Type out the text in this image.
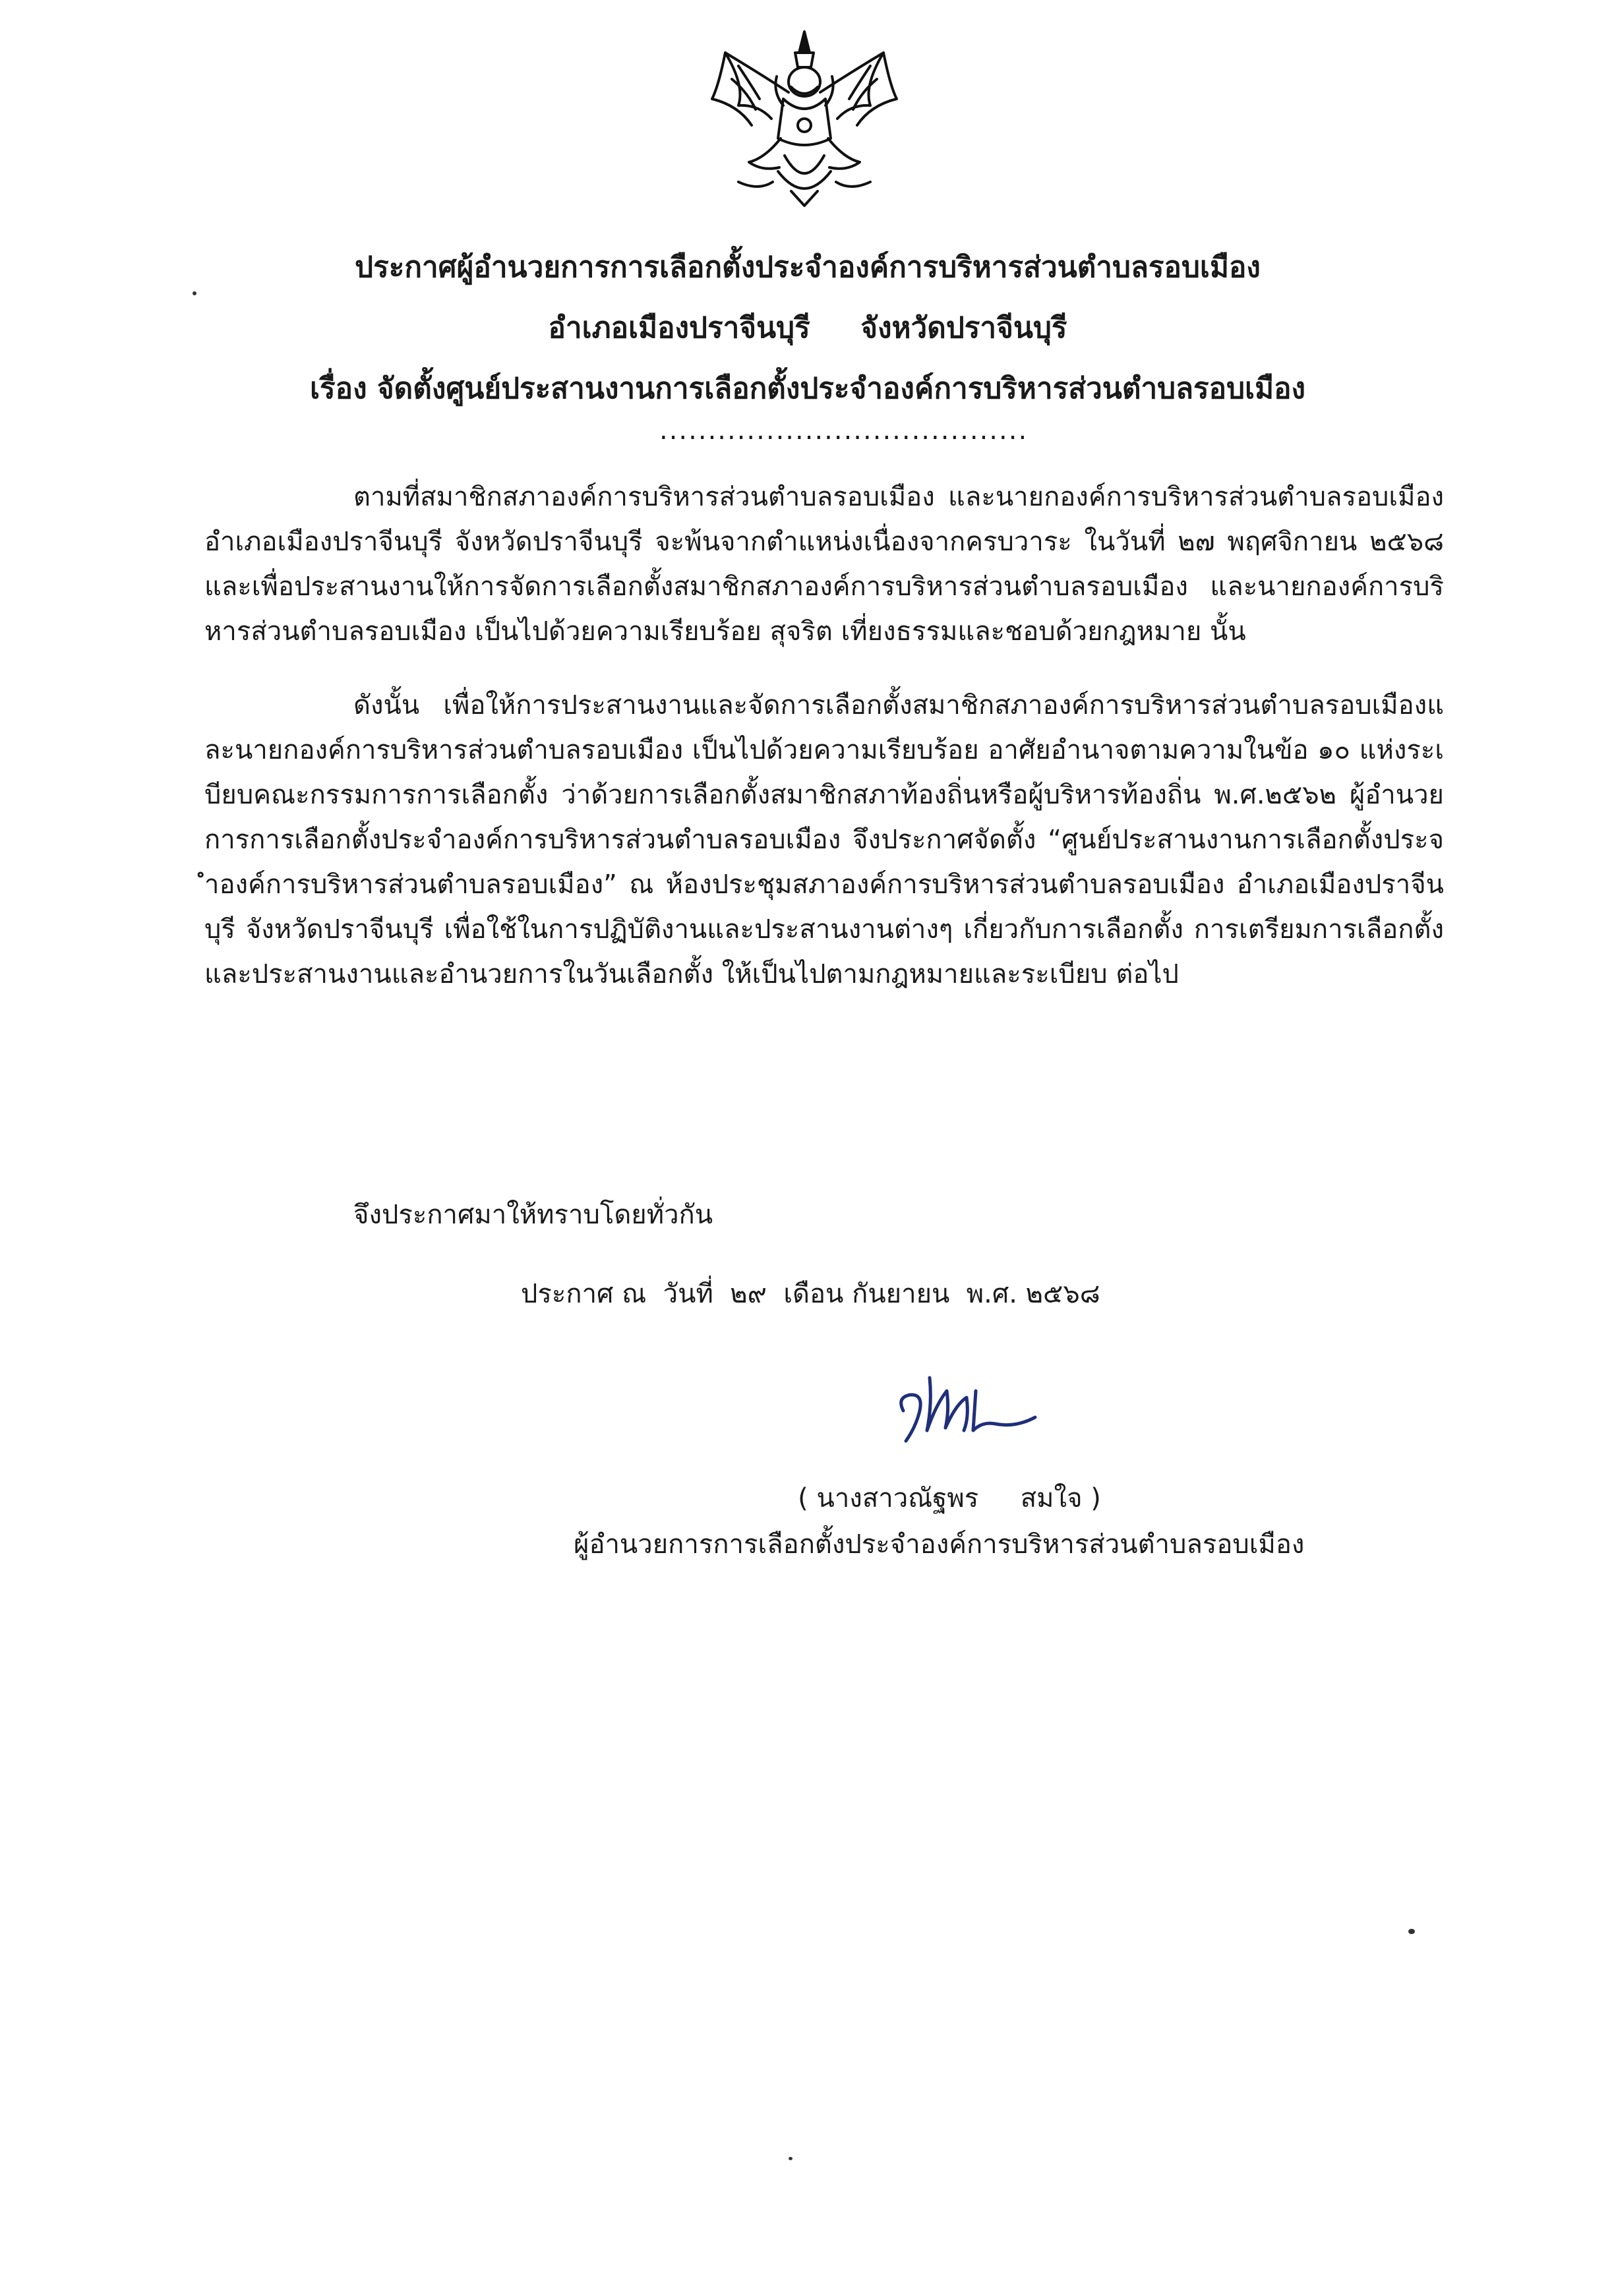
ประกาศผู้อำนวยการการเลือกตั้งประจำองค์การบริหารส่วนตำบลรอบเมือง
อำเภอเมืองปราจีนบุรี     จังหวัดปราจีนบุรี
เรื่อง จัดตั้งศูนย์ประสานงานการเลือกตั้งประจำองค์การบริหารส่วนตำบลรอบเมือง
......................................

ตามที่สมาชิกสภาองค์การบริหารส่วนตำบลรอบเมือง และนายกองค์การบริหารส่วนตำบลรอบเมือง อำเภอเมืองปราจีนบุรี จังหวัดปราจีนบุรี จะพ้นจากตำแหน่งเนื่องจากครบวาระ ในวันที่ ๒๗ พฤศจิกายน ๒๕๖๘ และเพื่อประสานงานให้การจัดการเลือกตั้งสมาชิกสภาองค์การบริหารส่วนตำบลรอบเมือง และนายกองค์การบริหารส่วนตำบลรอบเมือง เป็นไปด้วยความเรียบร้อย สุจริต เที่ยงธรรมและชอบด้วยกฎหมาย นั้น

ดังนั้น เพื่อให้การประสานงานและจัดการเลือกตั้งสมาชิกสภาองค์การบริหารส่วนตำบลรอบเมืองและนายกองค์การบริหารส่วนตำบลรอบเมือง เป็นไปด้วยความเรียบร้อย อาศัยอำนาจตามความในข้อ ๑๐ แห่งระเบียบคณะกรรมการการเลือกตั้ง ว่าด้วยการเลือกตั้งสมาชิกสภาท้องถิ่นหรือผู้บริหารท้องถิ่น พ.ศ.๒๕๖๒ ผู้อำนวยการการเลือกตั้งประจำองค์การบริหารส่วนตำบลรอบเมือง จึงประกาศจัดตั้ง “ศูนย์ประสานงานการเลือกตั้งประจำองค์การบริหารส่วนตำบลรอบเมือง” ณ ห้องประชุมสภาองค์การบริหารส่วนตำบลรอบเมือง อำเภอเมืองปราจีนบุรี จังหวัดปราจีนบุรี เพื่อใช้ในการปฏิบัติงานและประสานงานต่างๆ เกี่ยวกับการเลือกตั้ง การเตรียมการเลือกตั้ง และประสานงานและอำนวยการในวันเลือกตั้ง ให้เป็นไปตามกฎหมายและระเบียบ ต่อไป

จึงประกาศมาให้ทราบโดยทั่วกัน
ประกาศ ณ  วันที่  ๒๙  เดือน กันยายน  พ.ศ. ๒๕๖๘
( นางสาวณัฐพร     สมใจ )
ผู้อำนวยการการเลือกตั้งประจำองค์การบริหารส่วนตำบลรอบเมือง
